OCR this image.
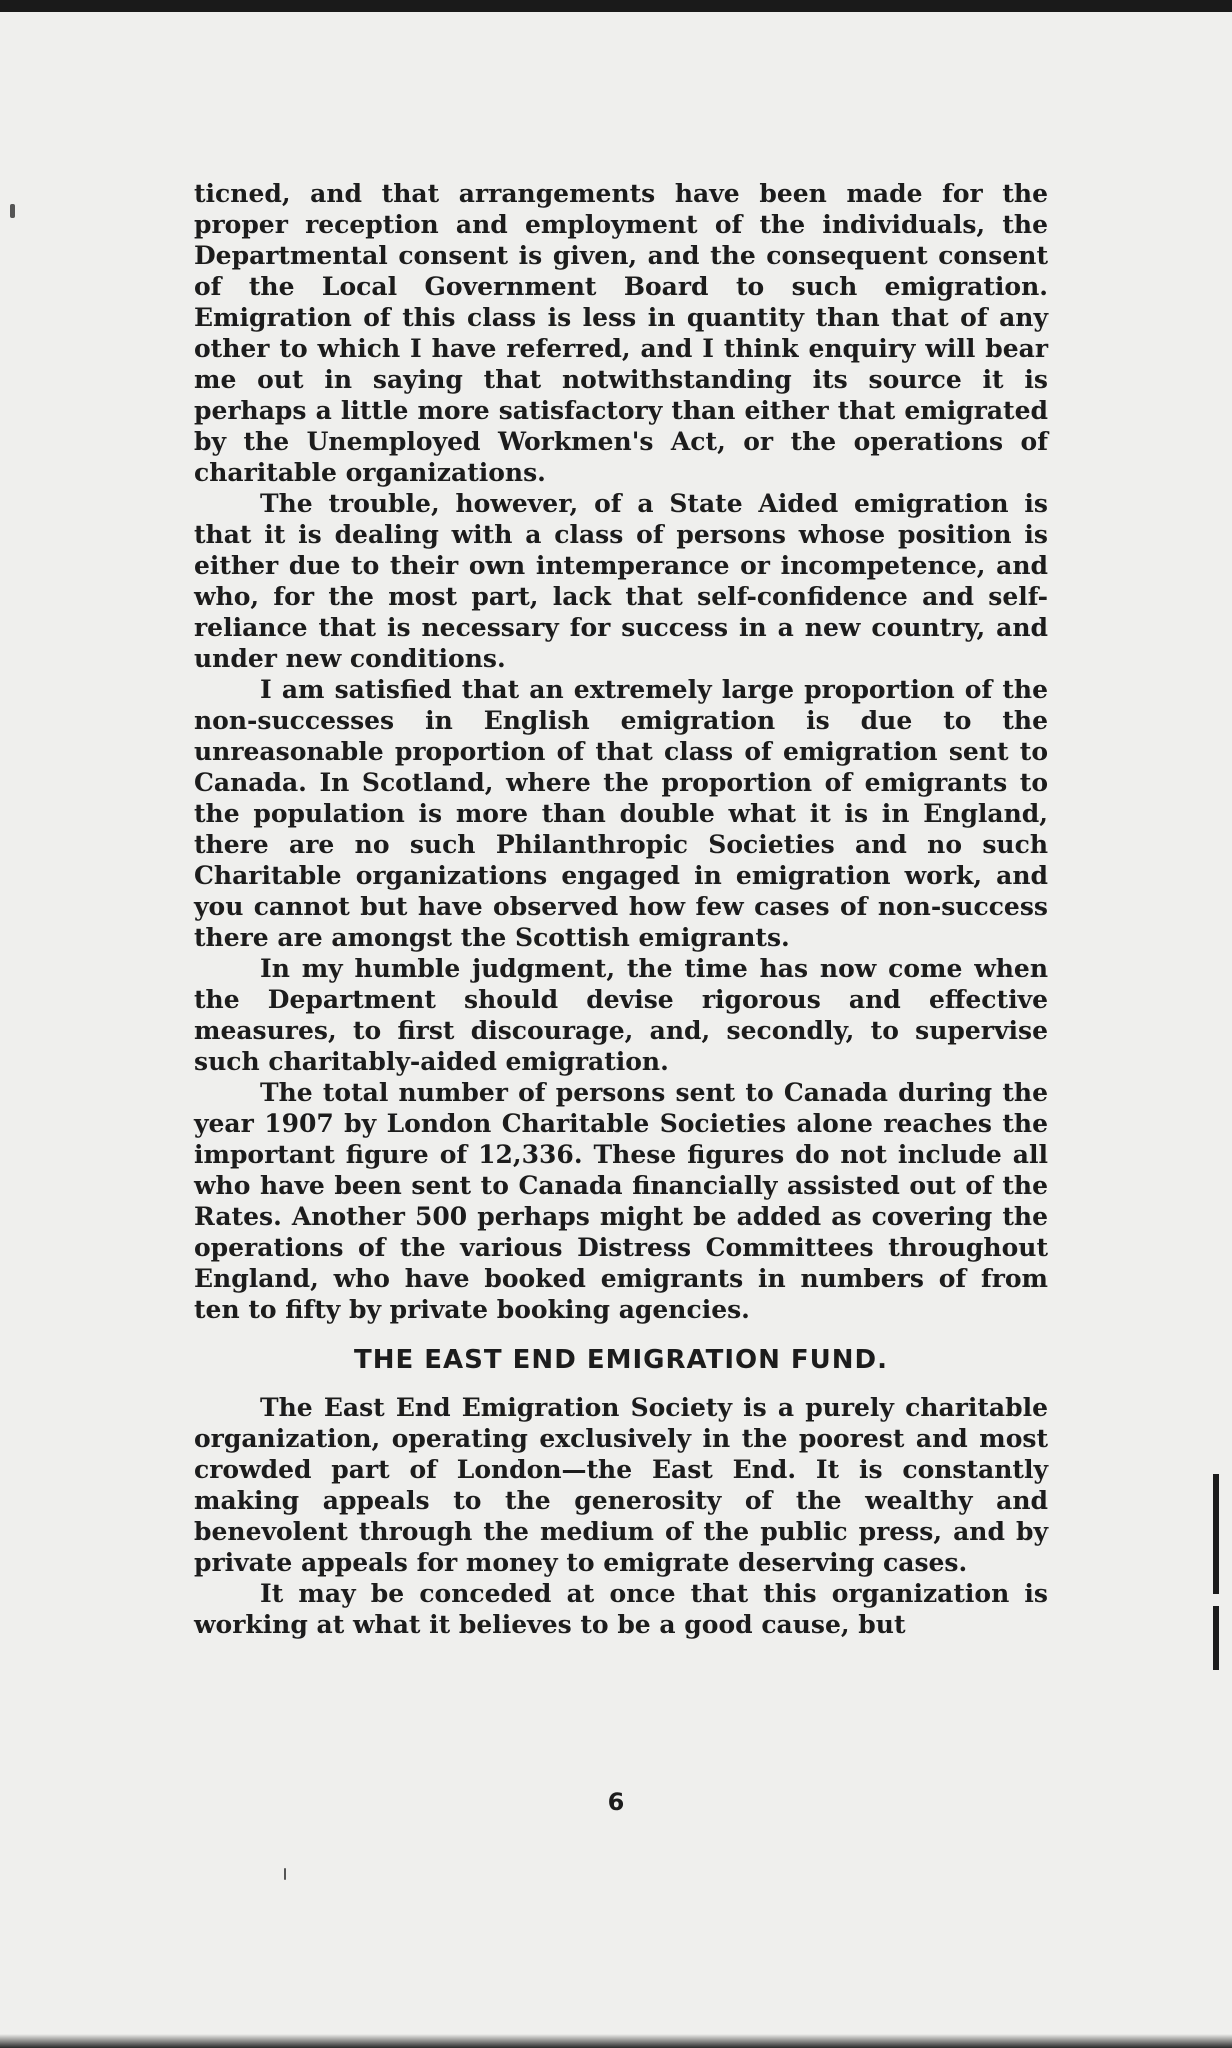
ticned, and that arrangements have been made for the proper reception and employment of the individuals, the Departmental consent is given, and the consequent consent of the Local Government Board to such emigration. Emigration of this class is less in quantity than that of any other to which I have referred, and I think enquiry will bear me out in saying that notwithstanding its source it is perhaps a little more satisfactory than either that emigrated by the Unemployed Workmen's Act, or the operations of charitable organizations.

The trouble, however, of a State Aided emigration is that it is dealing with a class of persons whose position is either due to their own intemperance or incompetence, and who, for the most part, lack that self-confidence and self-reliance that is necessary for success in a new country, and under new conditions.

I am satisfied that an extremely large proportion of the non-successes in English emigration is due to the unreasonable proportion of that class of emigration sent to Canada. In Scotland, where the proportion of emigrants to the population is more than double what it is in England, there are no such Philanthropic Societies and no such Charitable organizations engaged in emigration work, and you cannot but have observed how few cases of non-success there are amongst the Scottish emigrants.

In my humble judgment, the time has now come when the Department should devise rigorous and effective measures, to first discourage, and, secondly, to supervise such charitably-aided emigration.

The total number of persons sent to Canada during the year 1907 by London Charitable Societies alone reaches the important figure of 12,336. These figures do not include all who have been sent to Canada financially assisted out of the Rates. Another 500 perhaps might be added as covering the operations of the various Distress Committees throughout England, who have booked emigrants in numbers of from ten to fifty by private booking agencies.

THE EAST END EMIGRATION FUND.

The East End Emigration Society is a purely charitable organization, operating exclusively in the poorest and most crowded part of London—the East End. It is constantly making appeals to the generosity of the wealthy and benevolent through the medium of the public press, and by private appeals for money to emigrate deserving cases.

It may be conceded at once that this organization is working at what it believes to be a good cause, but

6
